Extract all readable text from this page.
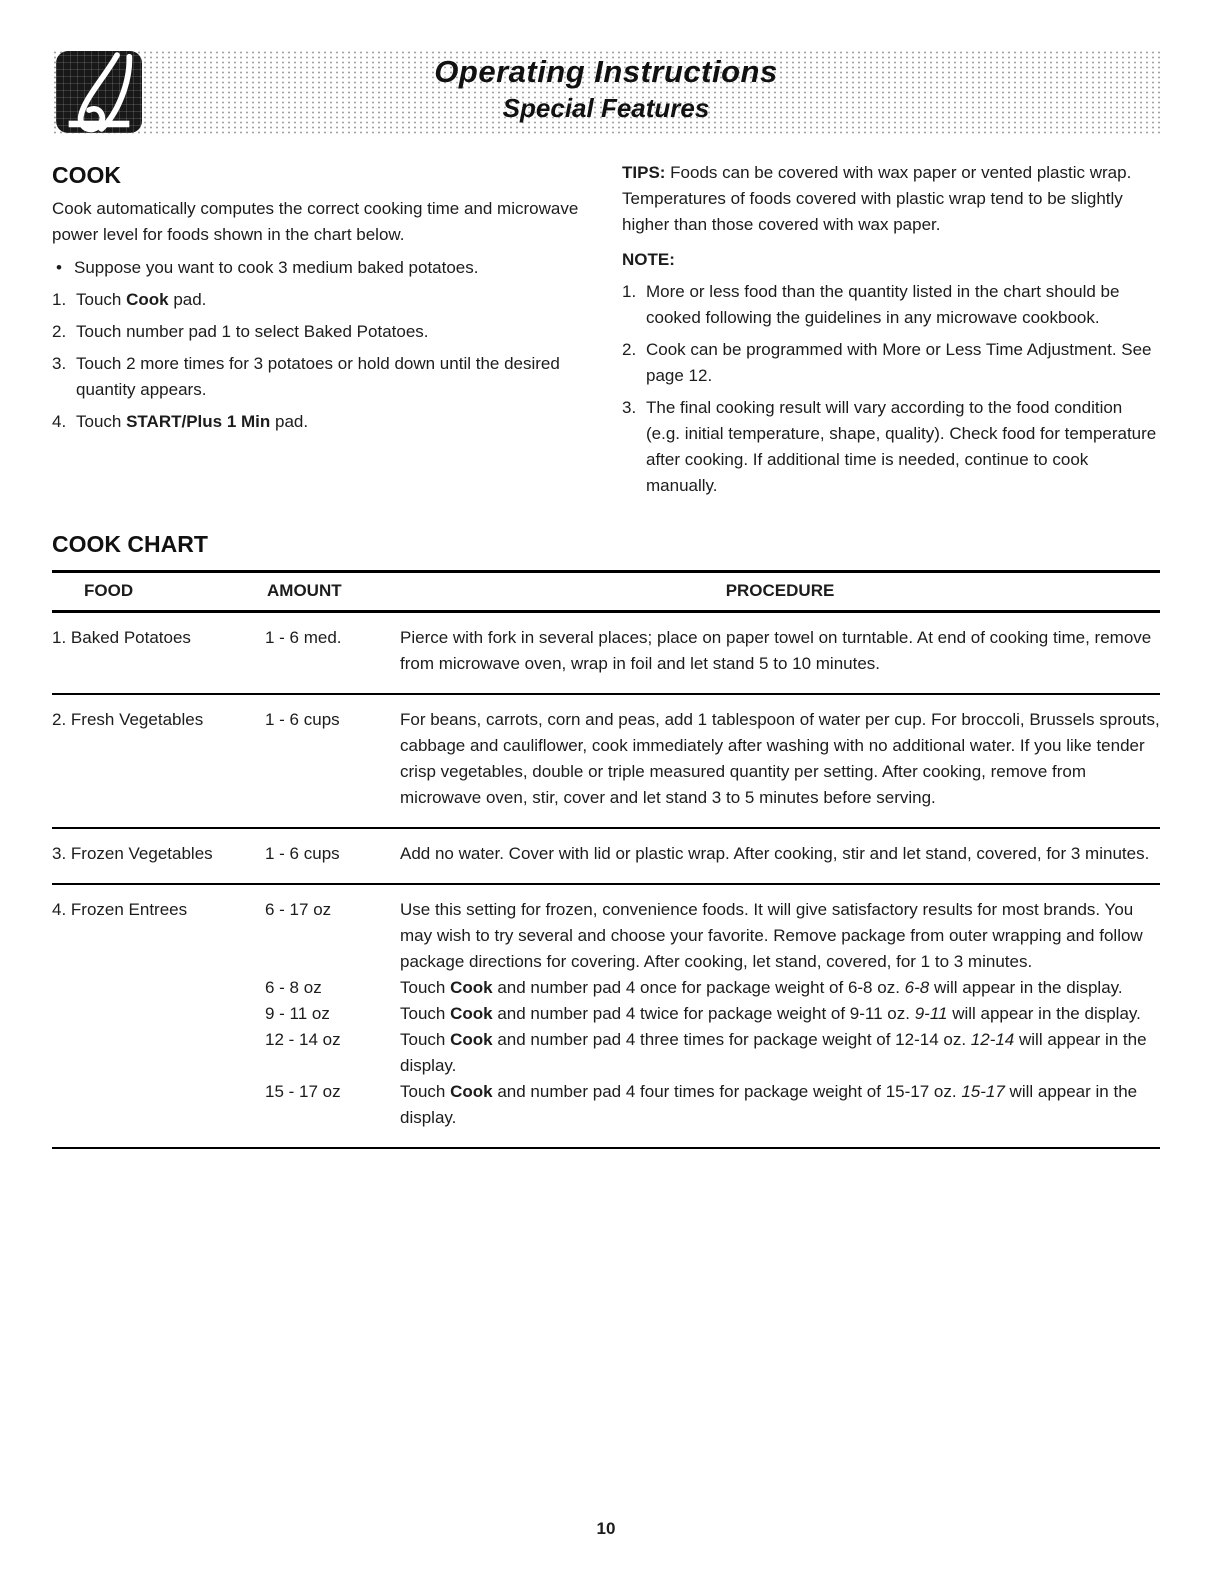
Operating Instructions
Special Features
COOK

Cook automatically computes the correct cooking time and microwave power level for foods shown in the chart below.

• Suppose you want to cook 3 medium baked potatoes.
1. Touch Cook pad.
2. Touch number pad 1 to select Baked Potatoes.
3. Touch 2 more times for 3 potatoes or hold down until the desired quantity appears.
4. Touch START/Plus 1 Min pad.

TIPS: Foods can be covered with wax paper or vented plastic wrap. Temperatures of foods covered with plastic wrap tend to be slightly higher than those covered with wax paper.

NOTE:
1. More or less food than the quantity listed in the chart should be cooked following the guidelines in any microwave cookbook.
2. Cook can be programmed with More or Less Time Adjustment. See page 12.
3. The final cooking result will vary according to the food condition (e.g. initial temperature, shape, quality). Check food for temperature after cooking. If additional time is needed, continue to cook manually.
COOK CHART
FOOD	AMOUNT	PROCEDURE
1. Baked Potatoes	1 - 6 med.	Pierce with fork in several places; place on paper towel on turntable. At end of cooking time, remove from microwave oven, wrap in foil and let stand 5 to 10 minutes.
2. Fresh Vegetables	1 - 6 cups	For beans, carrots, corn and peas, add 1 tablespoon of water per cup. For broccoli, Brussels sprouts, cabbage and cauliflower, cook immediately after washing with no additional water. If you like tender crisp vegetables, double or triple measured quantity per setting. After cooking, remove from microwave oven, stir, cover and let stand 3 to 5 minutes before serving.
3. Frozen Vegetables	1 - 6 cups	Add no water. Cover with lid or plastic wrap. After cooking, stir and let stand, covered, for 3 minutes.
4. Frozen Entrees	6 - 17 oz	Use this setting for frozen, convenience foods. It will give satisfactory results for most brands. You may wish to try several and choose your favorite. Remove package from outer wrapping and follow package directions for covering. After cooking, let stand, covered, for 1 to 3 minutes.
6 - 8 oz	Touch Cook and number pad 4 once for package weight of 6-8 oz. 6-8 will appear in the display.
9 - 11 oz	Touch Cook and number pad 4 twice for package weight of 9-11 oz. 9-11 will appear in the display.
12 - 14 oz	Touch Cook and number pad 4 three times for package weight of 12-14 oz. 12-14 will appear in the display.
15 - 17 oz	Touch Cook and number pad 4 four times for package weight of 15-17 oz. 15-17 will appear in the display.
10
